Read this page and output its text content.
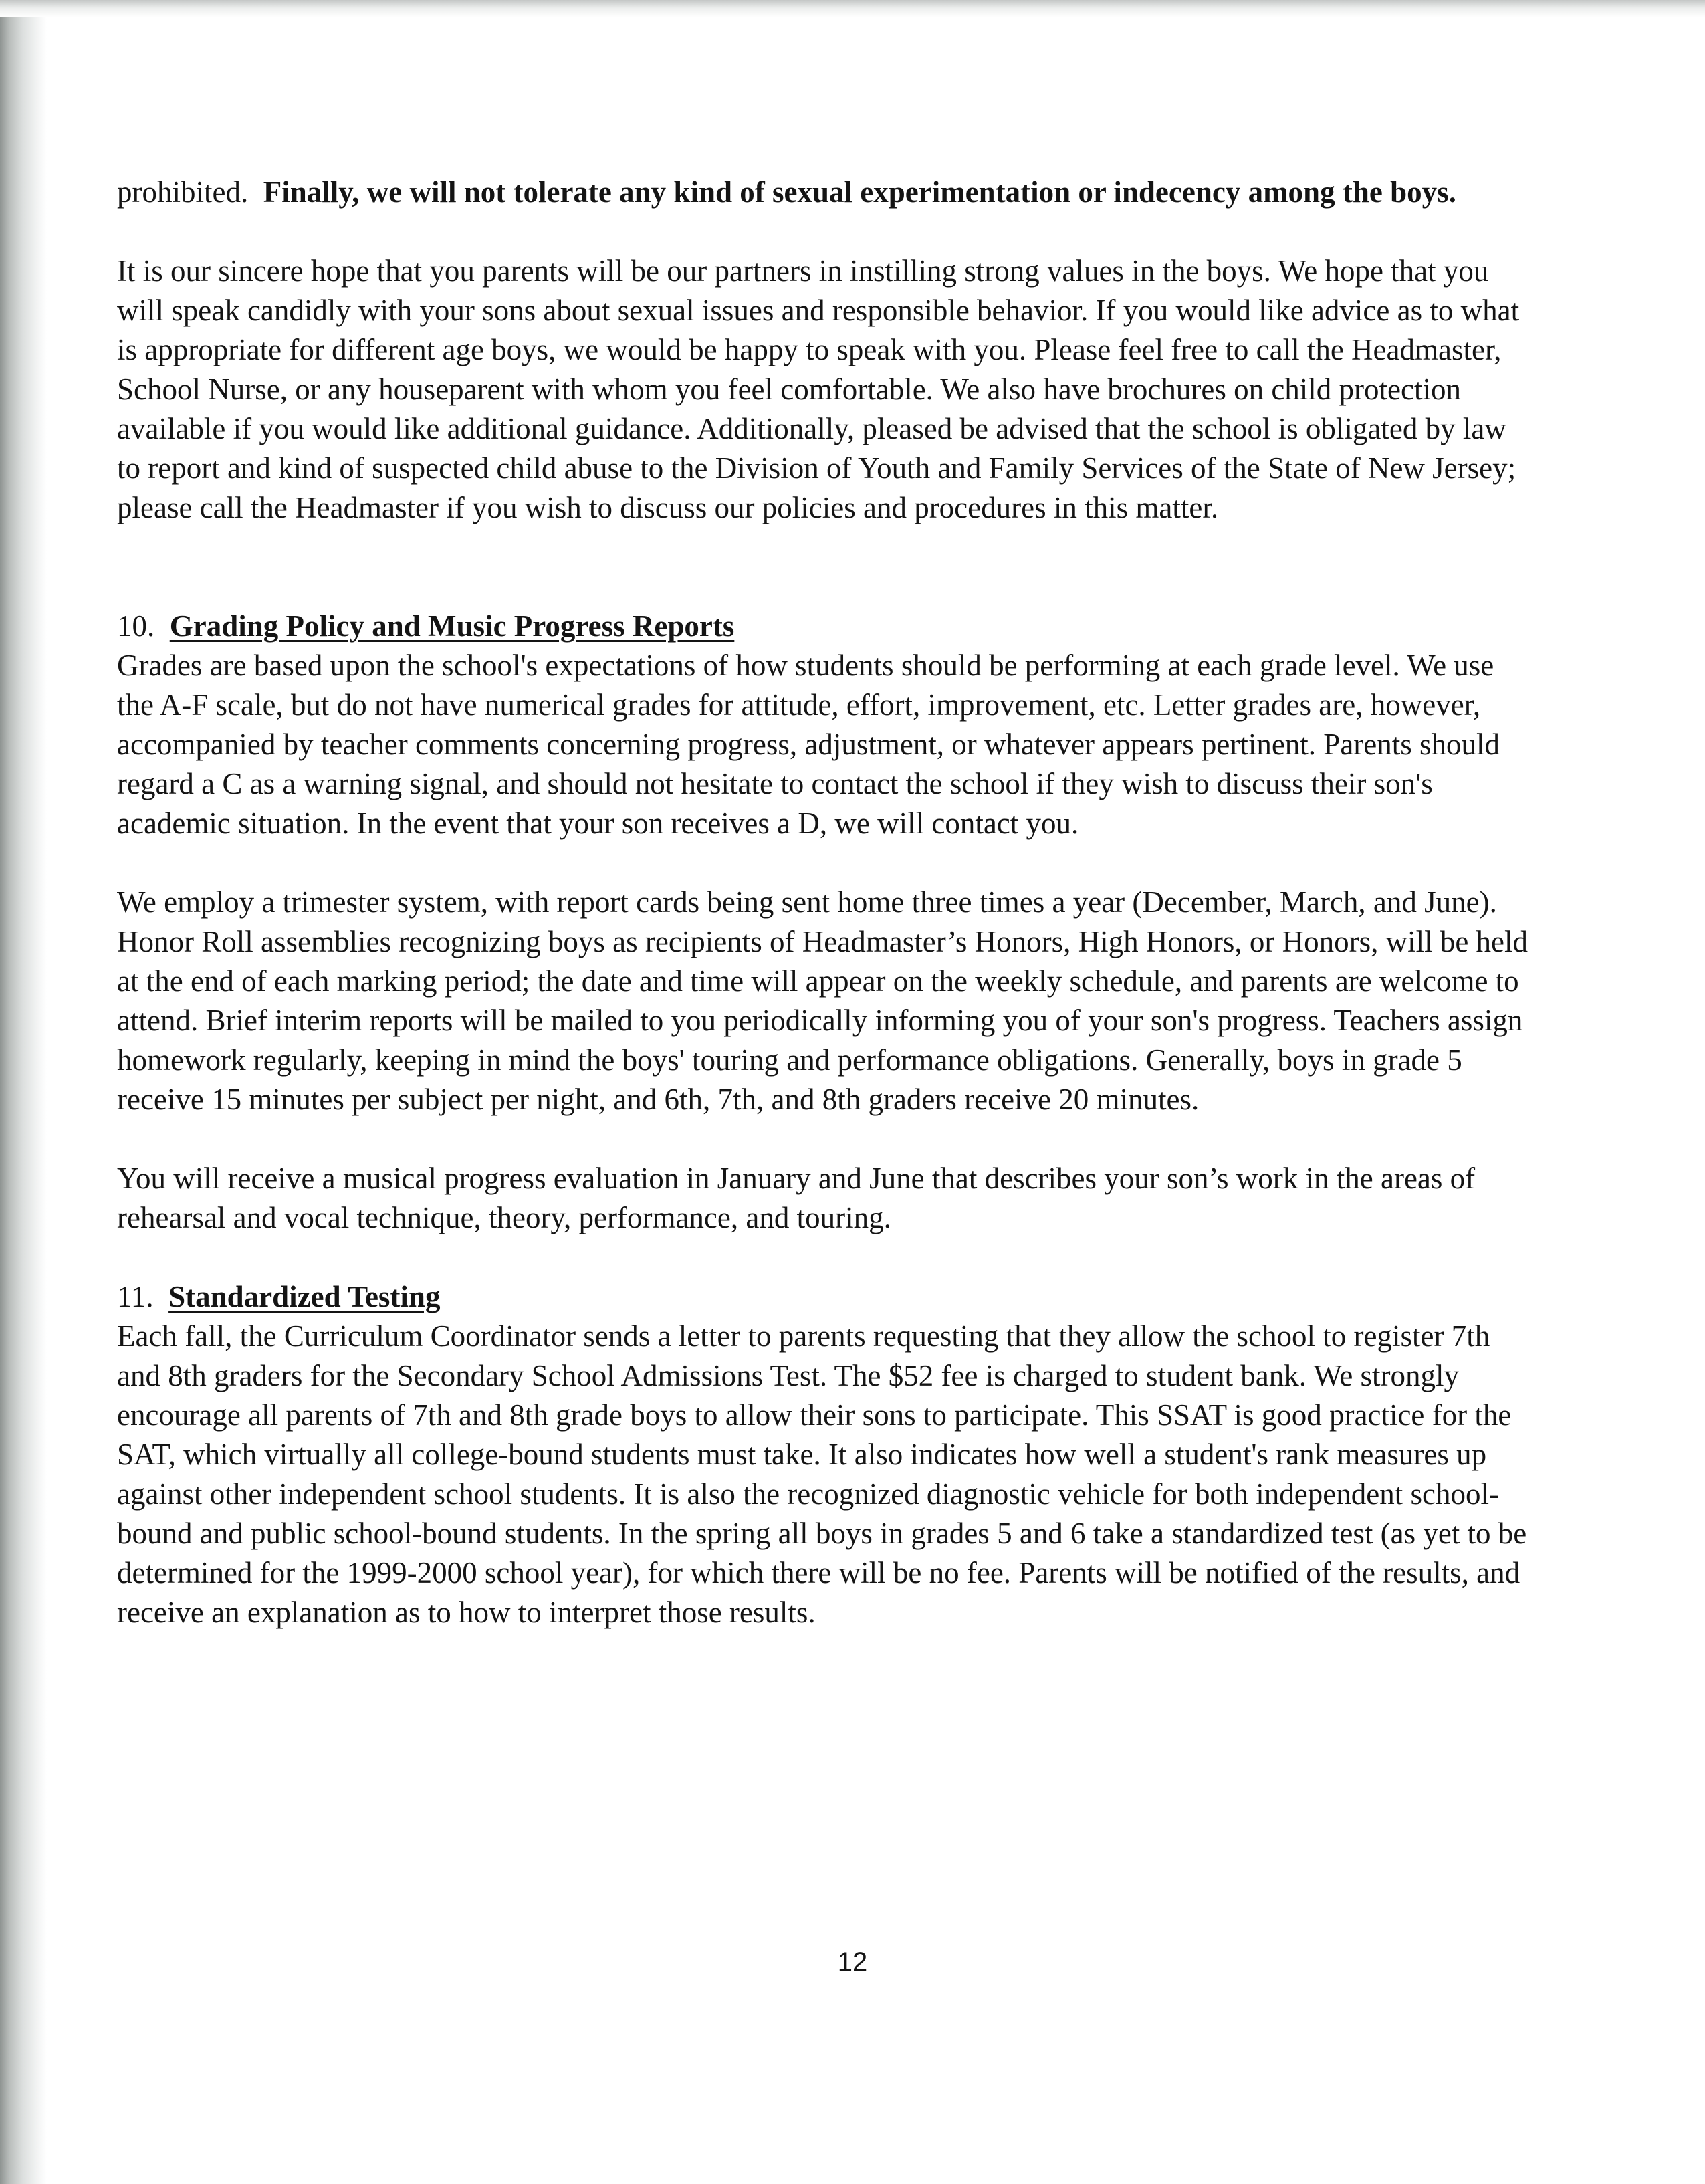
prohibited. Finally, we will not tolerate any kind of sexual experimentation or indecency among the boys.

It is our sincere hope that you parents will be our partners in instilling strong values in the boys. We hope that you will speak candidly with your sons about sexual issues and responsible behavior. If you would like advice as to what is appropriate for different age boys, we would be happy to speak with you. Please feel free to call the Headmaster, School Nurse, or any houseparent with whom you feel comfortable. We also have brochures on child protection available if you would like additional guidance. Additionally, pleased be advised that the school is obligated by law to report and kind of suspected child abuse to the Division of Youth and Family Services of the State of New Jersey; please call the Headmaster if you wish to discuss our policies and procedures in this matter.

10. Grading Policy and Music Progress Reports

Grades are based upon the school's expectations of how students should be performing at each grade level. We use the A-F scale, but do not have numerical grades for attitude, effort, improvement, etc. Letter grades are, however, accompanied by teacher comments concerning progress, adjustment, or whatever appears pertinent. Parents should regard a C as a warning signal, and should not hesitate to contact the school if they wish to discuss their son's academic situation. In the event that your son receives a D, we will contact you.

We employ a trimester system, with report cards being sent home three times a year (December, March, and June). Honor Roll assemblies recognizing boys as recipients of Headmaster’s Honors, High Honors, or Honors, will be held at the end of each marking period; the date and time will appear on the weekly schedule, and parents are welcome to attend. Brief interim reports will be mailed to you periodically informing you of your son's progress. Teachers assign homework regularly, keeping in mind the boys' touring and performance obligations. Generally, boys in grade 5 receive 15 minutes per subject per night, and 6th, 7th, and 8th graders receive 20 minutes.

You will receive a musical progress evaluation in January and June that describes your son’s work in the areas of rehearsal and vocal technique, theory, performance, and touring.

11. Standardized Testing

Each fall, the Curriculum Coordinator sends a letter to parents requesting that they allow the school to register 7th and 8th graders for the Secondary School Admissions Test. The $52 fee is charged to student bank. We strongly encourage all parents of 7th and 8th grade boys to allow their sons to participate. This SSAT is good practice for the SAT, which virtually all college-bound students must take. It also indicates how well a student's rank measures up against other independent school students. It is also the recognized diagnostic vehicle for both independent school-bound and public school-bound students. In the spring all boys in grades 5 and 6 take a standardized test (as yet to be determined for the 1999-2000 school year), for which there will be no fee. Parents will be notified of the results, and receive an explanation as to how to interpret those results.

12
